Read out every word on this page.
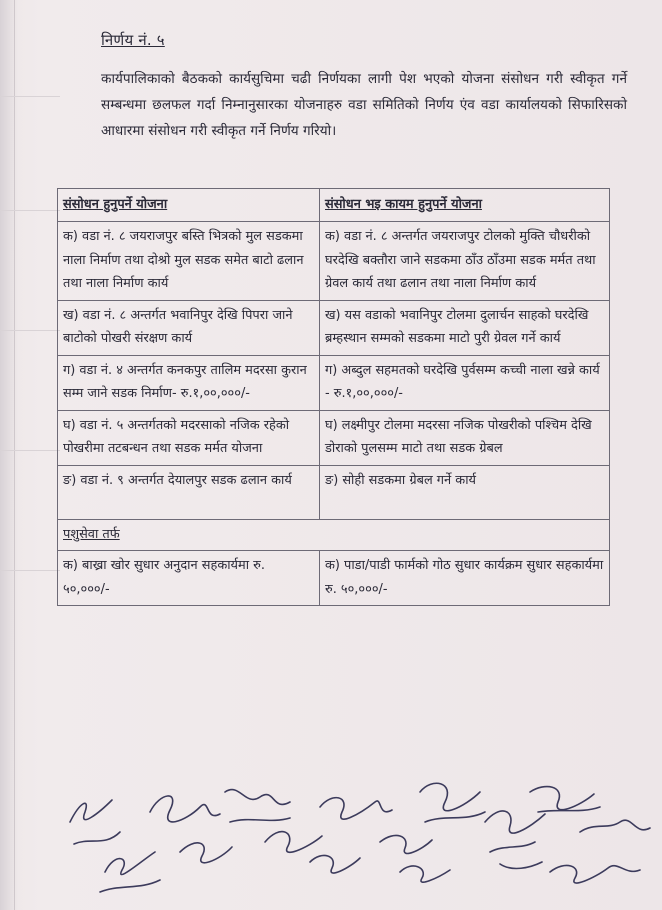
निर्णय नं. ५
कार्यपालिकाको बैठकको कार्यसुचिमा चढी निर्णयका लागी पेश भएको योजना संसोधन गरी स्वीकृत गर्ने सम्बन्धमा छलफल गर्दा निम्नानुसारका योजनाहरु वडा समितिको निर्णय एंव वडा कार्यालयको सिफारिसको आधारमा संसोधन गरी स्वीकृत गर्ने निर्णय गरियो।
संसोधन हुनुपर्ने योजना	संसोधन भइ कायम हुनुपर्ने योजना
क) वडा नं. ८ जयराजपुर बस्ति भित्रको मुल सडकमा नाला निर्माण तथा दोश्रो मुल सडक समेत बाटो ढलान तथा नाला निर्माण कार्य	क) वडा नं. ८ अन्तर्गत जयराजपुर टोलको मुक्ति चौधरीको घरदेखि बक्तौरा जाने सडकमा ठाँउ ठाँउमा सडक मर्मत तथा ग्रेवल कार्य तथा ढलान तथा नाला निर्माण कार्य
ख) वडा नं. ८ अन्तर्गत भवानिपुर देखि पिपरा जाने बाटोको पोखरी संरक्षण कार्य	ख) यस वडाको भवानिपुर टोलमा दुलार्चन साहको घरदेखि ब्रम्हस्थान सम्मको सडकमा माटो पुरी ग्रेवल गर्ने कार्य
ग) वडा नं. ४ अन्तर्गत कनकपुर तालिम मदरसा कुरान सम्म जाने सडक निर्माण- रु.१,००,०००/-	ग) अब्दुल सहमतको घरदेखि पुर्वसम्म कच्ची नाला खन्ने कार्य - रु.१,००,०००/-
घ) वडा नं. ५ अन्तर्गतको मदरसाको नजिक रहेको पोखरीमा तटबन्धन तथा सडक मर्मत योजना	घ) लक्ष्मीपुर टोलमा मदरसा नजिक पोखरीको पश्चिम देखि डोराको पुलसम्म माटो तथा सडक ग्रेबल
ङ) वडा नं. ९ अन्तर्गत देयालपुर सडक ढलान कार्य	ङ) सोही सडकमा ग्रेबल गर्ने कार्य
पशुसेवा तर्फ	
क) बाख्रा खोर सुधार अनुदान सहकार्यमा रु. ५०,०००/-	क) पाडा/पाडी फार्मको गोठ सुधार कार्यक्रम सुधार सहकार्यमा रु. ५०,०००/-
